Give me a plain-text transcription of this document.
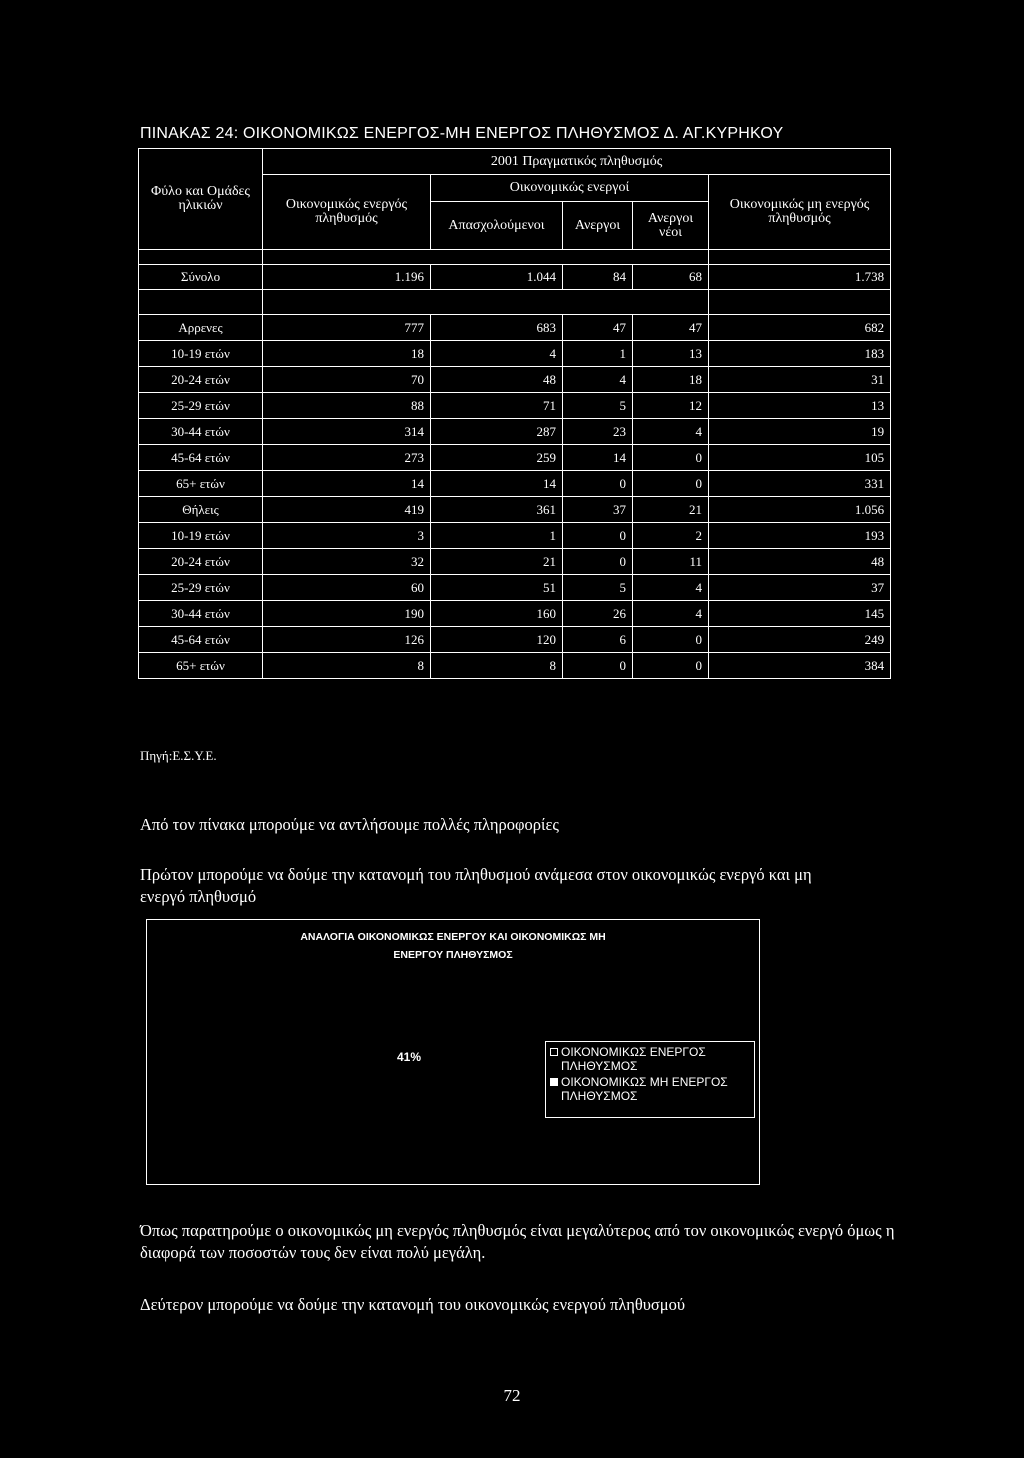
ΠΙΝΑΚΑΣ 24: ΟΙΚΟΝΟΜΙΚΩΣ ΕΝΕΡΓΟΣ-ΜΗ ΕΝΕΡΓΟΣ ΠΛΗΘΥΣΜΟΣ Δ. ΑΓ.ΚΥΡΗΚΟΥ
Φύλο και Ομάδες ηλικιών	2001 Πραγματικός πληθυσμός				
	Οικονομικώς ενεργός πληθυσμός	Οικονομικώς ενεργοί			Οικονομικώς μη ενεργός πληθυσμός
		Απασχολούμενοι	Ανεργοι	Ανεργοι νέοι	

Σύνολο	1.196	1.044	84	68	1.738

Αρρενες	777	683	47	47	682
10-19 ετών	18	4	1	13	183
20-24 ετών	70	48	4	18	31
25-29 ετών	88	71	5	12	13
30-44 ετών	314	287	23	4	19
45-64 ετών	273	259	14	0	105
65+ ετών	14	14	0	0	331
Θήλεις	419	361	37	21	1.056
10-19 ετών	3	1	0	2	193
20-24 ετών	32	21	0	11	48
25-29 ετών	60	51	5	4	37
30-44 ετών	190	160	26	4	145
45-64 ετών	126	120	6	0	249
65+ ετών	8	8	0	0	384
Πηγή:Ε.Σ.Υ.Ε.
Από τον πίνακα μπορούμε να αντλήσουμε πολλές πληροφορίες
Πρώτον μπορούμε να δούμε την κατανομή του πληθυσμού ανάμεσα στον οικονομικώς ενεργό και μη ενεργό πληθυσμό
ΑΝΑΛΟΓΙΑ ΟΙΚΟΝΟΜΙΚΩΣ ΕΝΕΡΓΟΥ ΚΑΙ ΟΙΚΟΝΟΜΙΚΩΣ ΜΗ ΕΝΕΡΓΟΥ ΠΛΗΘΥΣΜΟΣ
41%	ΟΙΚΟΝΟΜΙΚΩΣ ΕΝΕΡΓΟΣ ΠΛΗΘΥΣΜΟΣ
ΟΙΚΟΝΟΜΙΚΩΣ ΜΗ ΕΝΕΡΓΟΣ ΠΛΗΘΥΣΜΟΣ
Όπως παρατηρούμε ο οικονομικώς μη ενεργός πληθυσμός είναι μεγαλύτερος από τον οικονομικώς ενεργό όμως η διαφορά των ποσοστών τους δεν είναι πολύ μεγάλη.
Δεύτερον μπορούμε να δούμε την κατανομή του οικονομικώς ενεργού πληθυσμού
72
